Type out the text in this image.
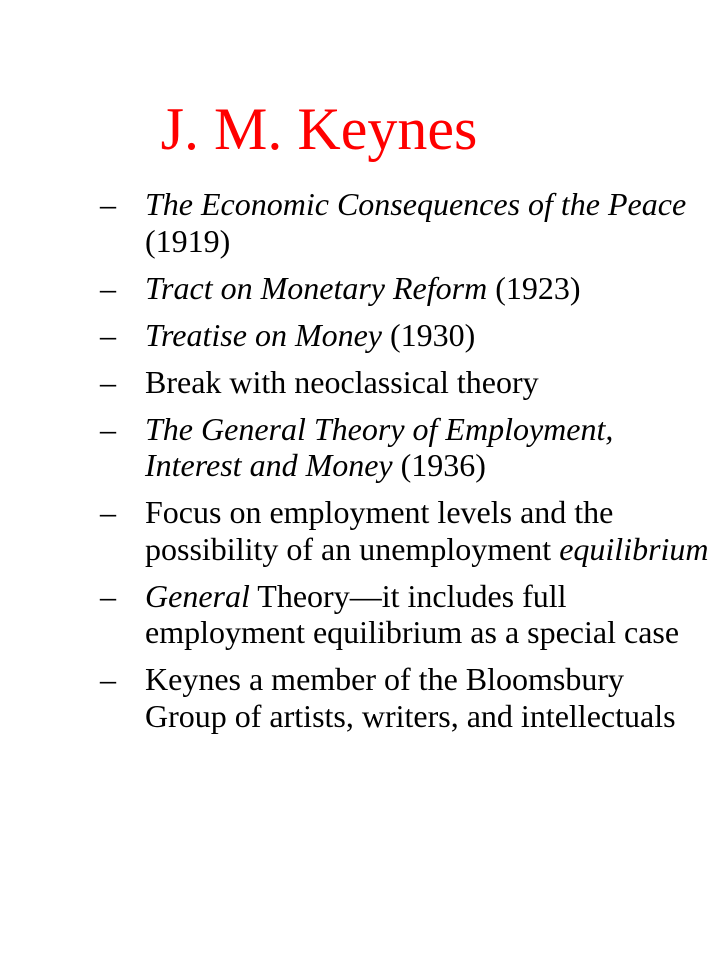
J. M. Keynes
– The Economic Consequences of the Peace (1919)
– Tract on Monetary Reform (1923)
– Treatise on Money (1930)
– Break with neoclassical theory
– The General Theory of Employment, Interest and Money (1936)
– Focus on employment levels and the possibility of an unemployment equilibrium
– General Theory—it includes full employment equilibrium as a special case
– Keynes a member of the Bloomsbury Group of artists, writers, and intellectuals
